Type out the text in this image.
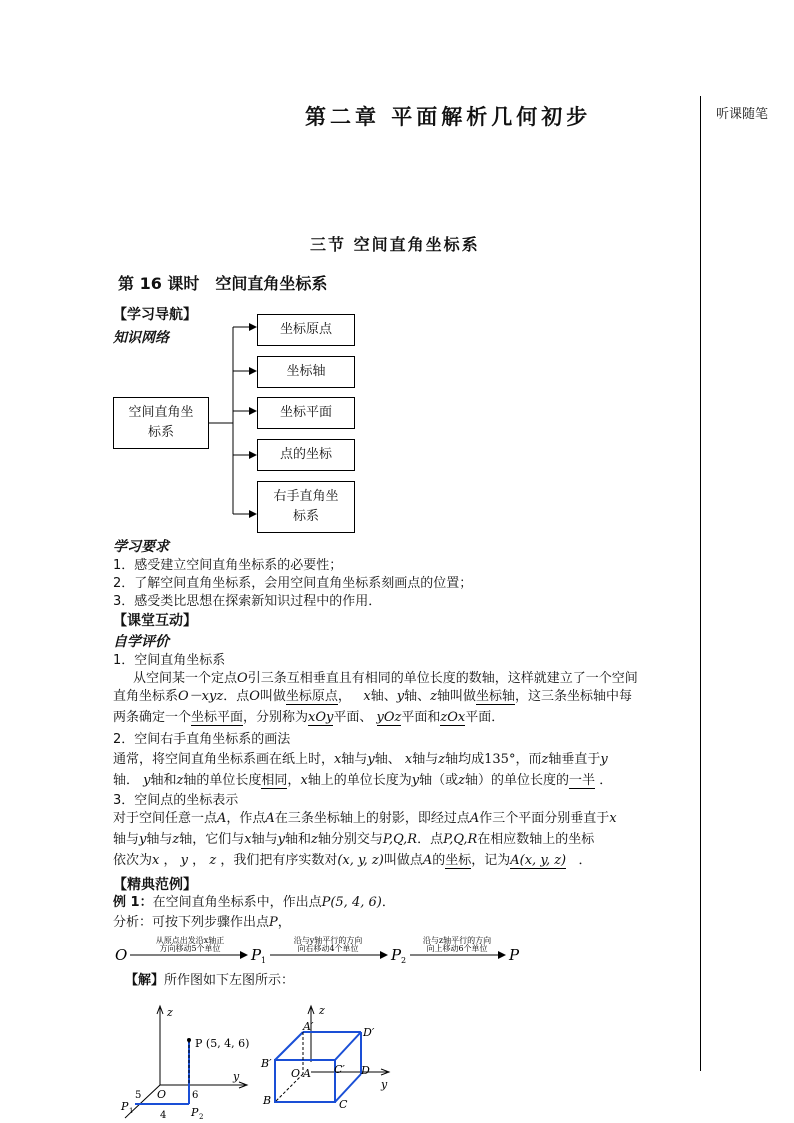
听课随笔
第二章 平面解析几何初步
三节 空间直角坐标系
第 16 课时　空间直角坐标系
【学习导航】
知识网络
空间直角坐标系
坐标原点
坐标轴
坐标平面
点的坐标
右手直角坐标系
学习要求
1．感受建立空间直角坐标系的必要性；
2．了解空间直角坐标系，会用空间直角坐标系刻画点的位置；
3．感受类比思想在探索新知识过程中的作用．
【课堂互动】
自学评价
1．空间直角坐标系
从空间某一个定点O引三条互相垂直且有相同的单位长度的数轴，这样就建立了一个空间
直角坐标系O－xyz．点O叫做坐标原点， x轴、y轴、z轴叫做坐标轴，这三条坐标轴中每
两条确定一个坐标平面，分别称为xOy平面、 yOz平面和zOx平面．
2．空间右手直角坐标系的画法
通常，将空间直角坐标系画在纸上时，x轴与y轴、 x轴与z轴均成135°，而z轴垂直于y
轴． y轴和z轴的单位长度相同，x轴上的单位长度为y轴（或z轴）的单位长度的一半 ．
3．空间点的坐标表示
对于空间任意一点A，作点A在三条坐标轴上的射影，即经过点A作三个平面分别垂直于x
轴与y轴与z轴，它们与x轴与y轴和z轴分别交与P,Q,R．点P,Q,R在相应数轴上的坐标
依次为x ， y ， z ，我们把有序实数对(x, y, z)叫做点A的坐标，记为A(x, y, z) ．
【精典范例】
例 1：在空间直角坐标系中，作出点P(5, 4, 6)．
分析：可按下列步骤作出点P，
O
从原点出发沿x轴正
方向移动5个单位 P 1
沿与y轴平行的方向
向右移动4个单位 P 2
沿与z轴平行的方向
向上移动6个单位 P
【解】所作图如下左图所示：
z
y
O
P (5, 4, 6)
5	6
4
P 1	P 2
z
y
A′	D′
B′
O A C′ D
B	C
